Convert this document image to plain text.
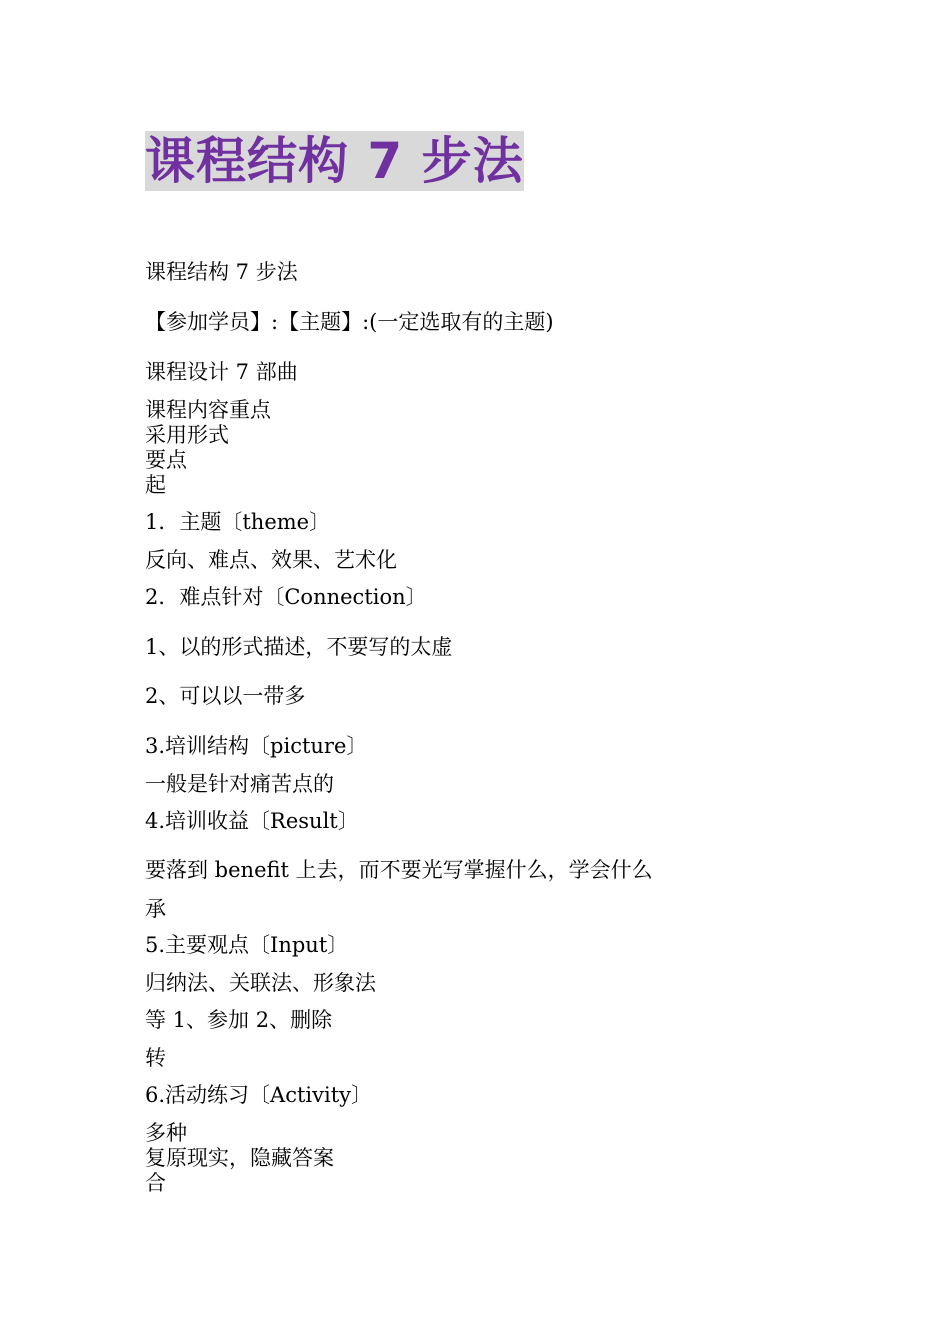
课程结构 7 步法
课程结构 7 步法
【参加学员】:【主题】:(一定选取有的主题)
课程设计 7 部曲
课程内容重点
采用形式
要点
起
1．主题〔theme〕
反向、难点、效果、艺术化
2．难点针对〔Connection〕
1、以的形式描述，不要写的太虚
2、可以以一带多
3.培训结构〔picture〕
一般是针对痛苦点的
4.培训收益〔Result〕
要落到 benefit 上去，而不要光写掌握什么，学会什么
承
5.主要观点〔Input〕
归纳法、关联法、形象法
等 1、参加 2、删除
转
6.活动练习〔Activity〕
多种
复原现实，隐藏答案
合
